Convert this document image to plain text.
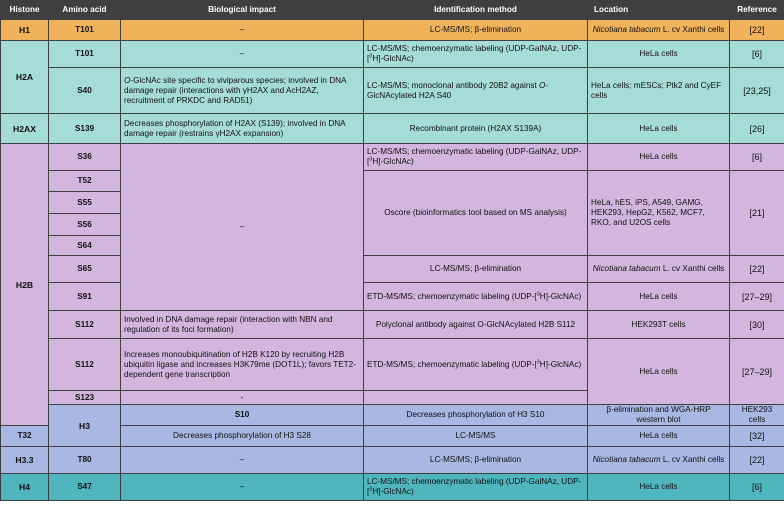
Histone	Amino acid	Biological impact	Identification method	Location	Reference	
H1	T101	–	LC-MS/MS; β-elimination	Nicotiana tabacum L. cv Xanthi cells	[22]	
H2A	T101	–	LC-MS/MS; chemoenzymatic labeling (UDP-GalNAz, UDP-[$^3$H]-GlcNAc)	HeLa cells	[6]	
	S40	O-GlcNAc site specific to viviparous species; involved in DNA damage repair (interactions with γH2AX and AcH2AZ, recruitment of PRKDC and RAD51)	LC-MS/MS; monoclonal antibody 20B2 against O-GlcNAcylated H2A S40	HeLa cells; mESCs; Ptk2 and CyEF cells	[23,25]	
H2AX	S139	Decreases phosphorylation of H2AX (S139); involved in DNA damage repair (restrains γH2AX expansion)	Recombinant protein (H2AX S139A)	HeLa cells	[26]	
H2B	S36	–	LC-MS/MS; chemoenzymatic labeling (UDP-GalNAz, UDP-[$^3$H]-GlcNAc)	HeLa cells	[6]	
	T52		Oscore (bioinformatics tool based on MS analysis)	HeLa, hES, iPS, A549, GAMG, HEK293, HepG2, K562, MCF7, RKO, and U2OS cells	[21]	
	S55					
	S56					
	S64					
	S65		LC-MS/MS; β-elimination	Nicotiana tabacum L. cv Xanthi cells	[22]	
	S91		ETD-MS/MS; chemoenzymatic labeling (UDP-[$^3$H]-GlcNAc)	HeLa cells	[27–29]	
	S112	Involved in DNA damage repair (interaction with NBN and regulation of its foci formation)	Polyclonal antibody against O-GlcNAcylated H2B S112	HEK293T cells	[30]	
	S112	Increases monoubiquitination of H2B K120 by recruiting H2B ubiquitin ligase and increases H3K79me (DOT1L); favors TET2-dependent gene transcription	ETD-MS/MS; chemoenzymatic labeling (UDP-[$^3$H]-GlcNAc)	HeLa cells	[27–29]	
	S123	-				
	H3	S10	Decreases phosphorylation of H3 S10	β-elimination and WGA-HRP western blot	HEK293 cells	
T32		Decreases phosphorylation of H3 S28	LC-MS/MS	HeLa cells	[32]	
H3.3	T80	–	LC-MS/MS; β-elimination	Nicotiana tabacum L. cv Xanthi cells	[22]	
H4	S47	–	LC-MS/MS; chemoenzymatic labeling (UDP-GalNAz, UDP-[$^3$H]-GlcNAc)	HeLa cells	[6]	
